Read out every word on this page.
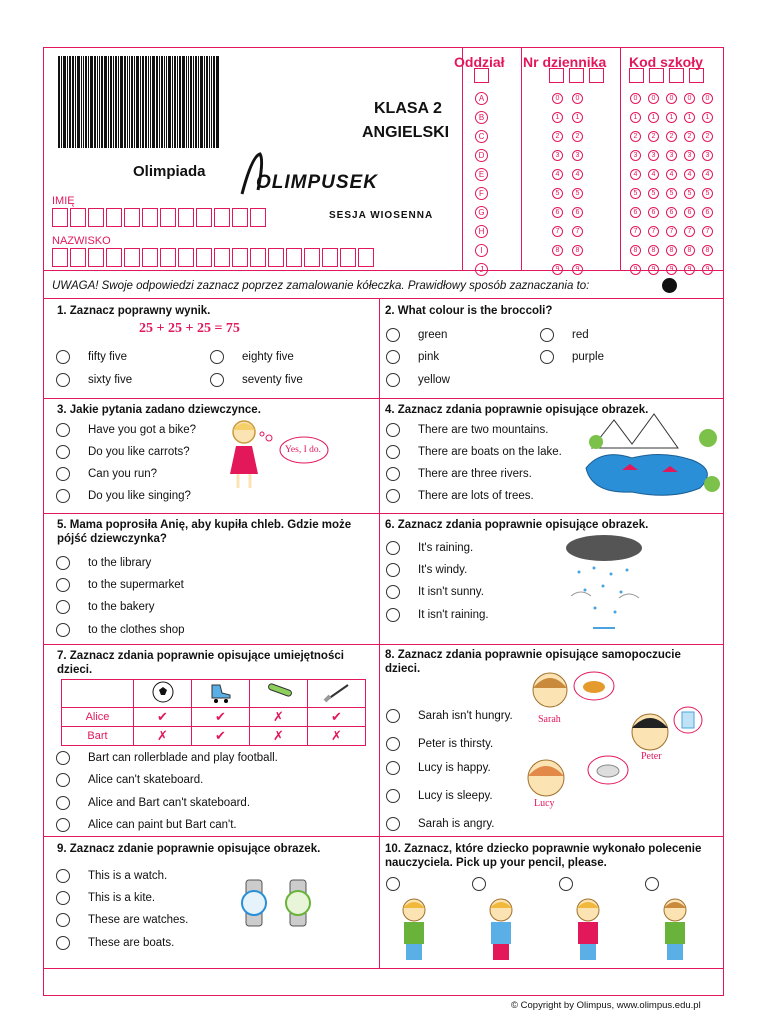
KLASA 2
ANGIELSKI
Olimpiada
OLIMPUSEK
SESJA WIOSENNA
IMIĘ
NAZWISKO
Oddział Nr dziennika Kod szkoły
UWAGA! Swoje odpowiedzi zaznacz poprzez zamalowanie kółeczka. Prawidłowy sposób zaznaczania to:
1. Zaznacz poprawny wynik.
25 + 25 + 25 = 75
fifty five	eighty five
sixty five	seventy five
2. What colour is the broccoli?
green	red
pink	purple
yellow
3. Jakie pytania zadano dziewczynce.
Have you got a bike?
Do you like carrots?
Can you run?
Do you like singing?
Yes, I do.
4. Zaznacz zdania poprawnie opisujące obrazek.
There are two mountains.
There are boats on the lake.
There are three rivers.
There are lots of trees.
5. Mama poprosiła Anię, aby kupiła chleb. Gdzie może pójść dziewczynka?
to the library
to the supermarket
to the bakery
to the clothes shop
6. Zaznacz zdania poprawnie opisujące obrazek.
It's raining.
It's windy.
It isn't sunny.
It isn't raining.
7. Zaznacz zdania poprawnie opisujące umiejętności dzieci.

Alice	✔	✔	✗	✔
Bart	✗	✔	✗	✗
Bart can rollerblade and play football.
Alice can't skateboard.
Alice and Bart can't skateboard.
Alice can paint but Bart can't.
8. Zaznacz zdania poprawnie opisujące samopoczucie dzieci.
Sarah isn't hungry.
Peter is thirsty.
Lucy is happy.
Lucy is sleepy.
Sarah is angry.
Sarah
Peter
Lucy
9. Zaznacz zdanie poprawnie opisujące obrazek.
This is a watch.
This is a kite.
These are watches.
These are boats.
10. Zaznacz, które dziecko poprawnie wykonało polecenie nauczyciela. Pick up your pencil, please.
A	0	0	0	0	0	0	0
B	1	1	1	1	1	1	1
C	2	2	2	2	2	2	2
D	3	3	3	3	3	3	3
E	4	4	4	4	4	4	4
F	5	5	5	5	5	5	5
G	6	6	6	6	6	6	6
H	7	7	7	7	7	7	7
I	8	8	8	8	8	8	8
J	9	9	9	9	9	9	9
© Copyright by Olimpus, www.olimpus.edu.pl
